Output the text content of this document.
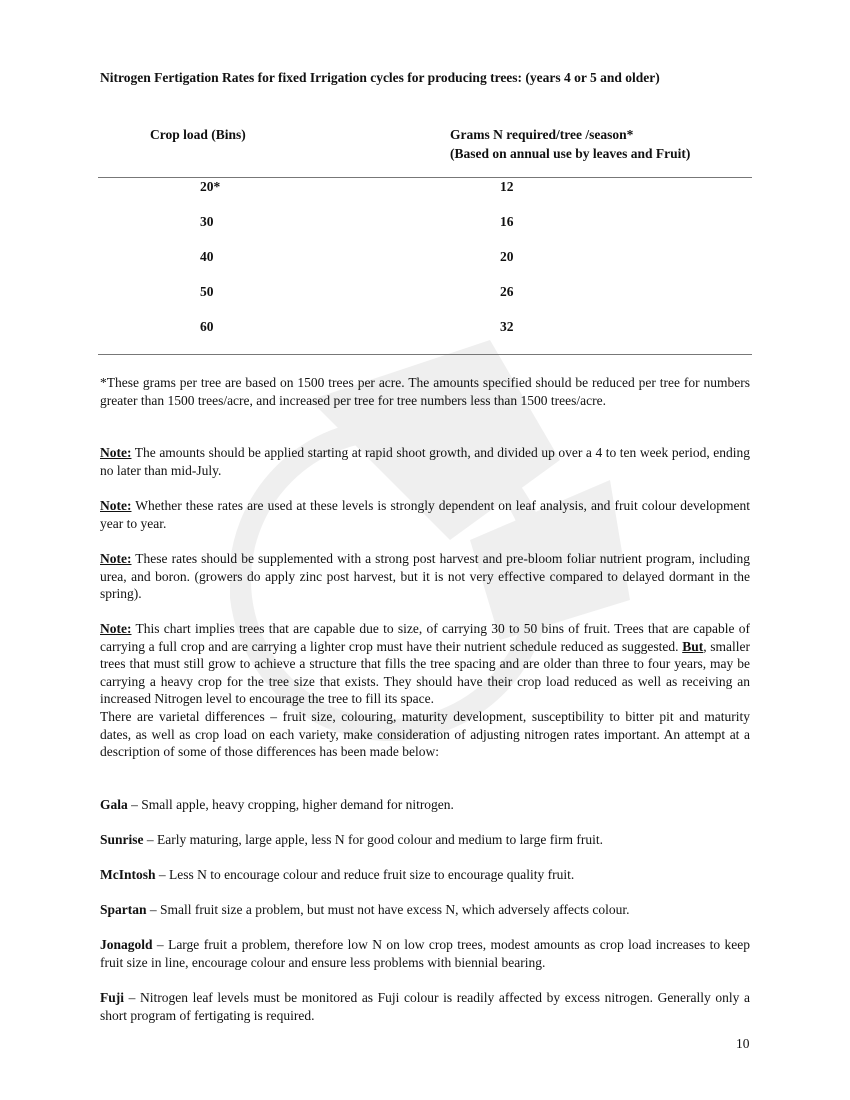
Nitrogen Fertigation Rates for fixed Irrigation cycles for producing trees: (years 4 or 5 and older)
Crop load (Bins)	Grams N required/tree /season*
(Based on annual use by leaves and Fruit)
20*	12
30	16
40	20
50	26
60	32
*These grams per tree are based on 1500 trees per acre. The amounts specified should be reduced per tree for numbers greater than 1500 trees/acre, and increased per tree for tree numbers less than 1500 trees/acre.
Note: The amounts should be applied starting at rapid shoot growth, and divided up over a 4 to ten week period, ending no later than mid-July.
Note: Whether these rates are used at these levels is strongly dependent on leaf analysis, and fruit colour development year to year.
Note: These rates should be supplemented with a strong post harvest and pre-bloom foliar nutrient program, including urea, and boron. (growers do apply zinc post harvest, but it is not very effective compared to delayed dormant in the spring).
Note: This chart implies trees that are capable due to size, of carrying 30 to 50 bins of fruit. Trees that are capable of carrying a full crop and are carrying a lighter crop must have their nutrient schedule reduced as suggested. But, smaller trees that must still grow to achieve a structure that fills the tree spacing and are older than three to four years, may be carrying a heavy crop for the tree size that exists. They should have their crop load reduced as well as receiving an increased Nitrogen level to encourage the tree to fill its space.
There are varietal differences – fruit size, colouring, maturity development, susceptibility to bitter pit and maturity dates, as well as crop load on each variety, make consideration of adjusting nitrogen rates important. An attempt at a description of some of those differences has been made below:
Gala – Small apple, heavy cropping, higher demand for nitrogen.
Sunrise – Early maturing, large apple, less N for good colour and medium to large firm fruit.
McIntosh – Less N to encourage colour and reduce fruit size to encourage quality fruit.
Spartan – Small fruit size a problem, but must not have excess N, which adversely affects colour.
Jonagold – Large fruit a problem, therefore low N on low crop trees, modest amounts as crop load increases to keep fruit size in line, encourage colour and ensure less problems with biennial bearing.
Fuji – Nitrogen leaf levels must be monitored as Fuji colour is readily affected by excess nitrogen. Generally only a short program of fertigating is required.
10
